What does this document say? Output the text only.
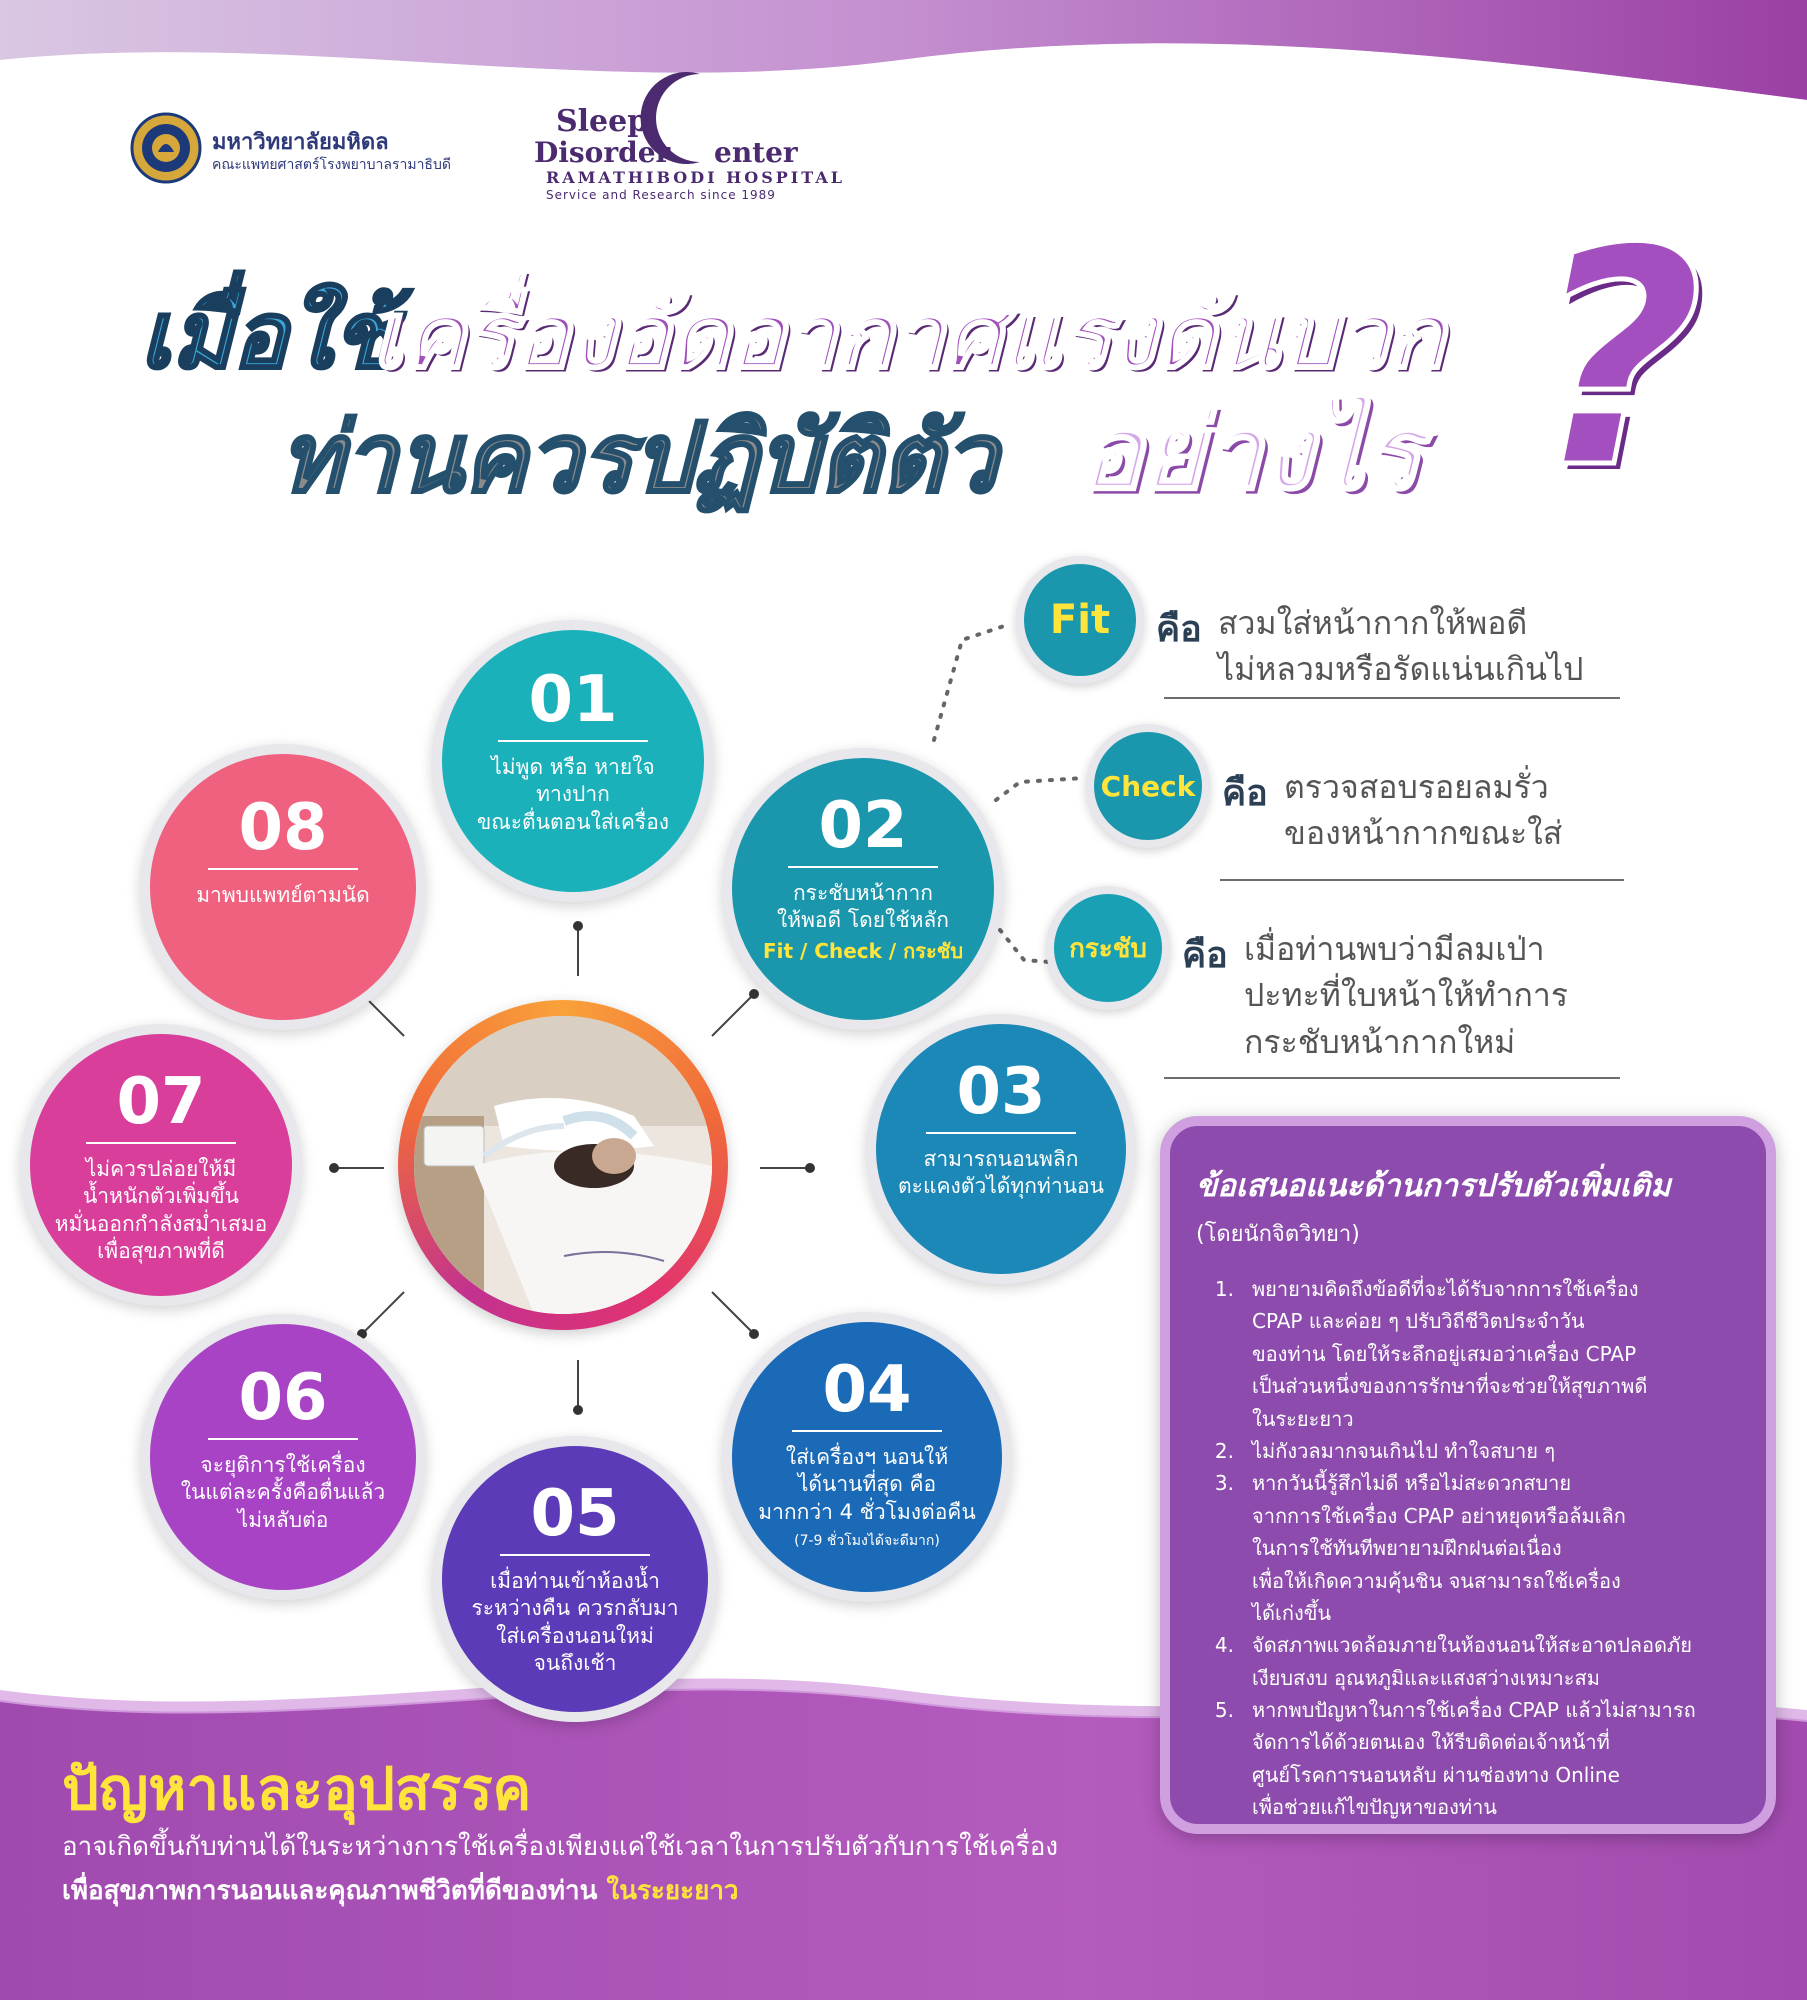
มหาวิทยาลัยมหิดล
คณะแพทยศาสตร์โรงพยาบาลรามาธิบดี
Sleep
Disorder enter
RAMATHIBODI HOSPITAL
Service and Research since 1989
เมื่อใช้
เครื่องอัดอากาศแรงดันบวก
ท่านควรปฏิบัติตัว อย่างไร ?
01
ไม่พูด หรือ หายใจ
ทางปาก
ขณะตื่นตอนใส่เครื่อง 02
กระชับหน้ากาก
ให้พอดี โดยใช้หลัก
Fit / Check / กระชับ
03
สามารถนอนพลิก
ตะแคงตัวได้ทุกท่านอน
04
ใส่เครื่องฯ นอนให้
ได้นานที่สุด คือ
มากกว่า 4 ชั่วโมงต่อคืน
(7-9 ชั่วโมงได้จะดีมาก)
05
เมื่อท่านเข้าห้องน้ำ
ระหว่างคืน ควรกลับมา
ใส่เครื่องนอนใหม่
จนถึงเช้า
06
จะยุติการใช้เครื่อง
ในแต่ละครั้งคือตื่นแล้ว
ไม่หลับต่อ
07
ไม่ควรปล่อยให้มี
น้ำหนักตัวเพิ่มขึ้น
หมั่นออกกำลังสม่ำเสมอ
เพื่อสุขภาพที่ดี
08
มาพบแพทย์ตามนัด
Fit	คือ สวมใส่หน้ากากให้พอดี
ไม่หลวมหรือรัดแน่นเกินไป
Check คือ ตรวจสอบรอยลมรั่ว
ของหน้ากากขณะใส่
กระชับ คือ เมื่อท่านพบว่ามีลมเป่า
ปะทะที่ใบหน้าให้ทำการ
กระชับหน้ากากใหม่
ข้อเสนอแนะด้านการปรับตัวเพิ่มเติม
(โดยนักจิตวิทยา)
1. พยายามคิดถึงข้อดีที่จะได้รับจากการใช้เครื่อง
CPAP และค่อย ๆ ปรับวิถีชีวิตประจำวัน
ของท่าน โดยให้ระลึกอยู่เสมอว่าเครื่อง CPAP
เป็นส่วนหนึ่งของการรักษาที่จะช่วยให้สุขภาพดี
ในระยะยาว
2. ไม่กังวลมากจนเกินไป ทำใจสบาย ๆ
3. หากวันนี้รู้สึกไม่ดี หรือไม่สะดวกสบาย
จากการใช้เครื่อง CPAP อย่าหยุดหรือล้มเลิก
ในการใช้ทันทีพยายามฝึกฝนต่อเนื่อง
เพื่อให้เกิดความคุ้นชิน จนสามารถใช้เครื่อง
ได้เก่งขึ้น
4. จัดสภาพแวดล้อมภายในห้องนอนให้สะอาดปลอดภัย
เงียบสงบ อุณหภูมิและแสงสว่างเหมาะสม
5. หากพบปัญหาในการใช้เครื่อง CPAP แล้วไม่สามารถ
จัดการได้ด้วยตนเอง ให้รีบติดต่อเจ้าหน้าที่
ศูนย์โรคการนอนหลับ ผ่านช่องทาง Online
เพื่อช่วยแก้ไขปัญหาของท่าน
ปัญหาและอุปสรรค
อาจเกิดขึ้นกับท่านได้ในระหว่างการใช้เครื่องเพียงแค่ใช้เวลาในการปรับตัวกับการใช้เครื่อง
เพื่อสุขภาพการนอนและคุณภาพชีวิตที่ดีของท่าน ในระยะยาว
